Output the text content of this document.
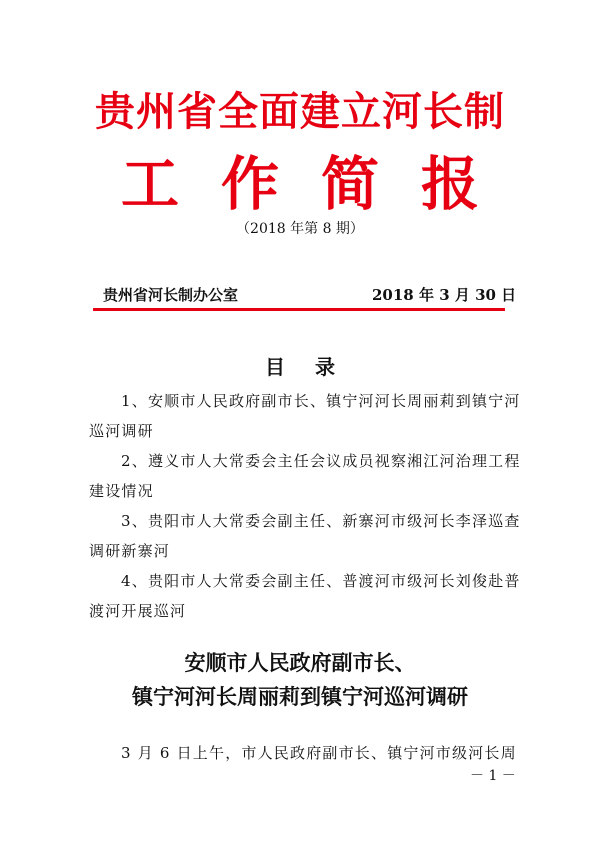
贵州省全面建立河长制
工作简报
（2018 年第 8 期）
贵州省河长制办公室	2018 年 3 月 30 日
目录

1、安顺市人民政府副市长、镇宁河河长周丽莉到镇宁河巡河调研

2、遵义市人大常委会主任会议成员视察湘江河治理工程建设情况

3、贵阳市人大常委会副主任、新寨河市级河长李泽巡查调研新寨河

4、贵阳市人大常委会副主任、普渡河市级河长刘俊赴普渡河开展巡河

安顺市人民政府副市长、
镇宁河河长周丽莉到镇宁河巡河调研
3 月 6 日上午，市人民政府副市长、镇宁河市级河长周
－ 1 －
